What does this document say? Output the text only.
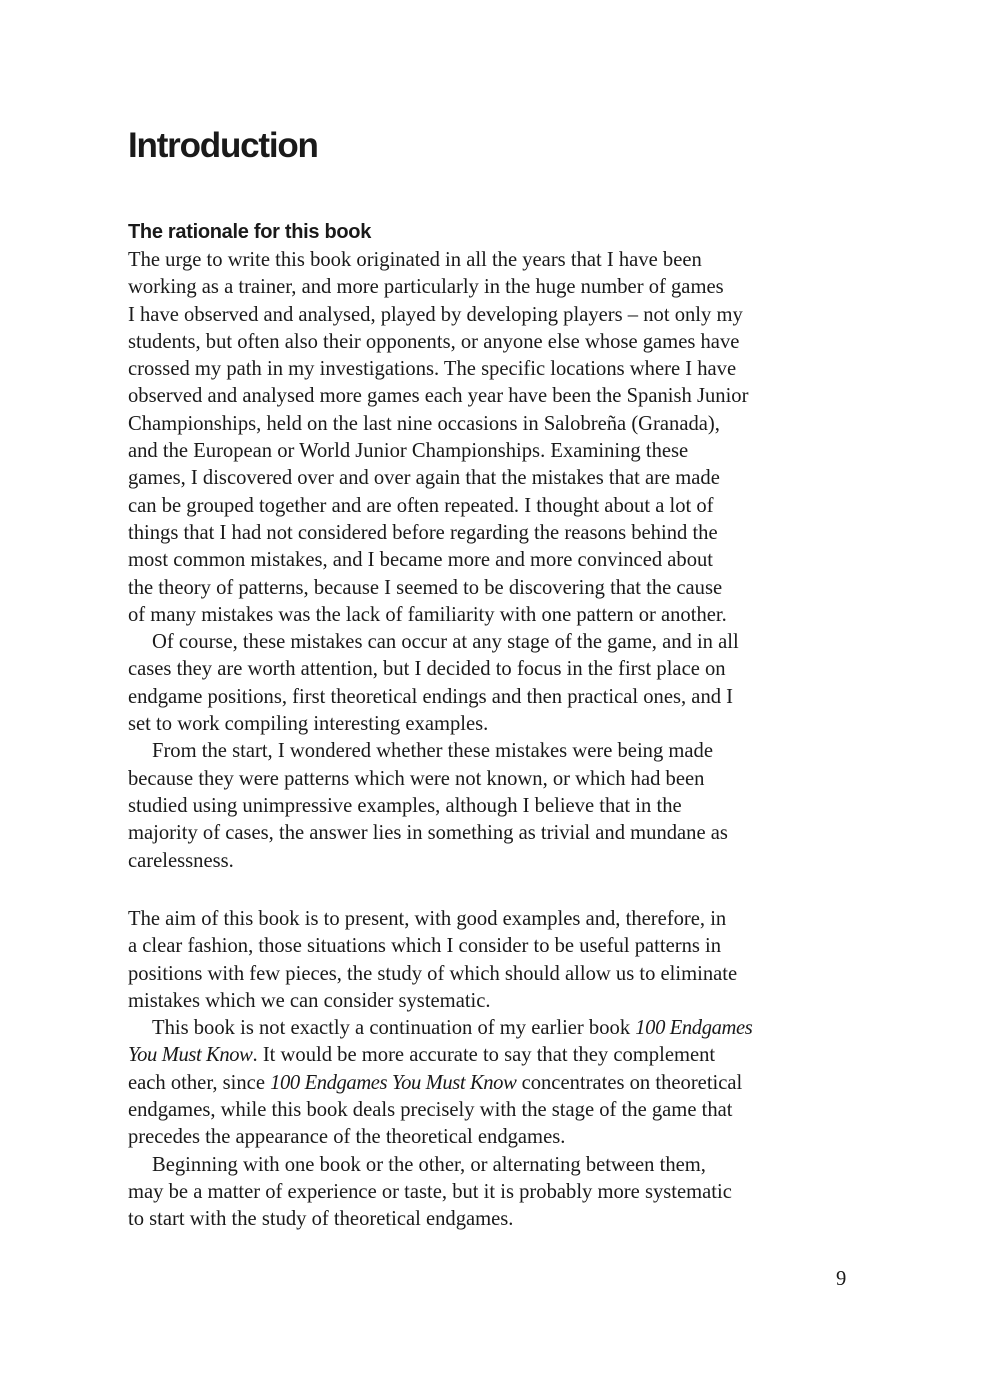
Introduction
The rationale for this book
The urge to write this book originated in all the years that I have been
working as a trainer, and more particularly in the huge number of games
I have observed and analysed, played by developing players – not only my
students, but often also their opponents, or anyone else whose games have
crossed my path in my investigations. The specific locations where I have
observed and analysed more games each year have been the Spanish Junior
Championships, held on the last nine occasions in Salobreña (Granada),
and the European or World Junior Championships. Examining these
games, I discovered over and over again that the mistakes that are made
can be grouped together and are often repeated. I thought about a lot of
things that I had not considered before regarding the reasons behind the
most common mistakes, and I became more and more convinced about
the theory of patterns, because I seemed to be discovering that the cause
of many mistakes was the lack of familiarity with one pattern or another.
Of course, these mistakes can occur at any stage of the game, and in all
cases they are worth attention, but I decided to focus in the first place on
endgame positions, first theoretical endings and then practical ones, and I
set to work compiling interesting examples.
From the start, I wondered whether these mistakes were being made
because they were patterns which were not known, or which had been
studied using unimpressive examples, although I believe that in the
majority of cases, the answer lies in something as trivial and mundane as
carelessness.
The aim of this book is to present, with good examples and, therefore, in
a clear fashion, those situations which I consider to be useful patterns in
positions with few pieces, the study of which should allow us to eliminate
mistakes which we can consider systematic.
This book is not exactly a continuation of my earlier book 100 Endgames
You Must Know. It would be more accurate to say that they complement
each other, since 100 Endgames You Must Know concentrates on theoretical
endgames, while this book deals precisely with the stage of the game that
precedes the appearance of the theoretical endgames.
Beginning with one book or the other, or alternating between them,
may be a matter of experience or taste, but it is probably more systematic
to start with the study of theoretical endgames.
9
